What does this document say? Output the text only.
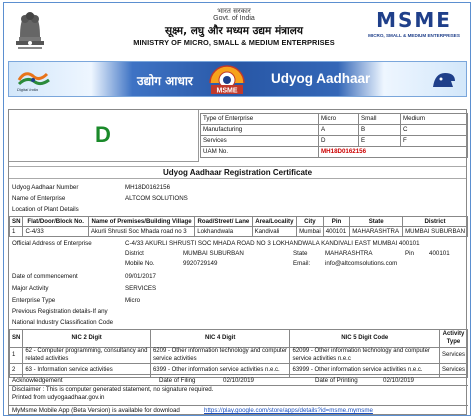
भारत सरकार
Govt. of India
सूक्ष्म, लघु और मध्यम उद्यम मंत्रालय
MINISTRY OF MICRO, SMALL & MEDIUM ENTERPRISES
MSME
MICRO, SMALL & MEDIUM ENTERPRISES
Digital India
उद्योग आधार
MSME
Udyog Aadhaar
D
Type of Enterprise	Micro	Small	Medium
Manufacturing	A	B	C
Services	D	E	F
UAM No.	MH18D0162156		
Udyog Aadhaar Registration Certificate
Udyog Aadhaar Number	MH18D0162156
Name of Enterprise	ALTCOM SOLUTIONS
Location of Plant Details
SN	Flat/Door/Block No.	Name of Premises/Building Village	Road/Street/ Lane	Area/Locality	City	Pin	State	District
1	C-4/33	Akurli Shrusti Soc Mhada road no 3	Lokhandwala	Kandivali	Mumbai	400101	MAHARASHTRA	MUMBAI SUBURBAN
Official Address of Enterprise	C-4/33 AKURLI SHRUSTI SOC MHADA ROAD NO 3 LOKHANDWALA KANDIVALI EAST MUMBAI 400101
District	MUMBAI SUBURBAN	State	MAHARASHTRA	Pin 400101
Mobile No.	9920729149	Email: info@altcomsolutions.com
Date of commencement	09/01/2017
Major Activity	SERVICES
Enterprise Type	Micro
Previous Registration details-If any
National Industry Classification Code
SN	NIC 2 Digit	NIC 4 Digit	NIC 5 Digit Code	Activity Type
1	62 - Computer programming, consultancy and related activities	6209 - Other information technology and computer service activities	62099 - Other information technology and computer service activities n.e.c	Services
2	63 - Information service activities	6399 - Other information service activities n.e.c.	63999 - Other information service activities n.e.c.	Services
Acknowledgement	Date of Filing	02/10/2019	Date of Printing	02/10/2019
Disclaimer : This is computer generated statement, no signature required.
Printed from udyogaadhaar.gov.in
MyMsme Mobile App (Beta Version) is available for download	https://play.google.com/store/apps/details?id=msme.mymsme
